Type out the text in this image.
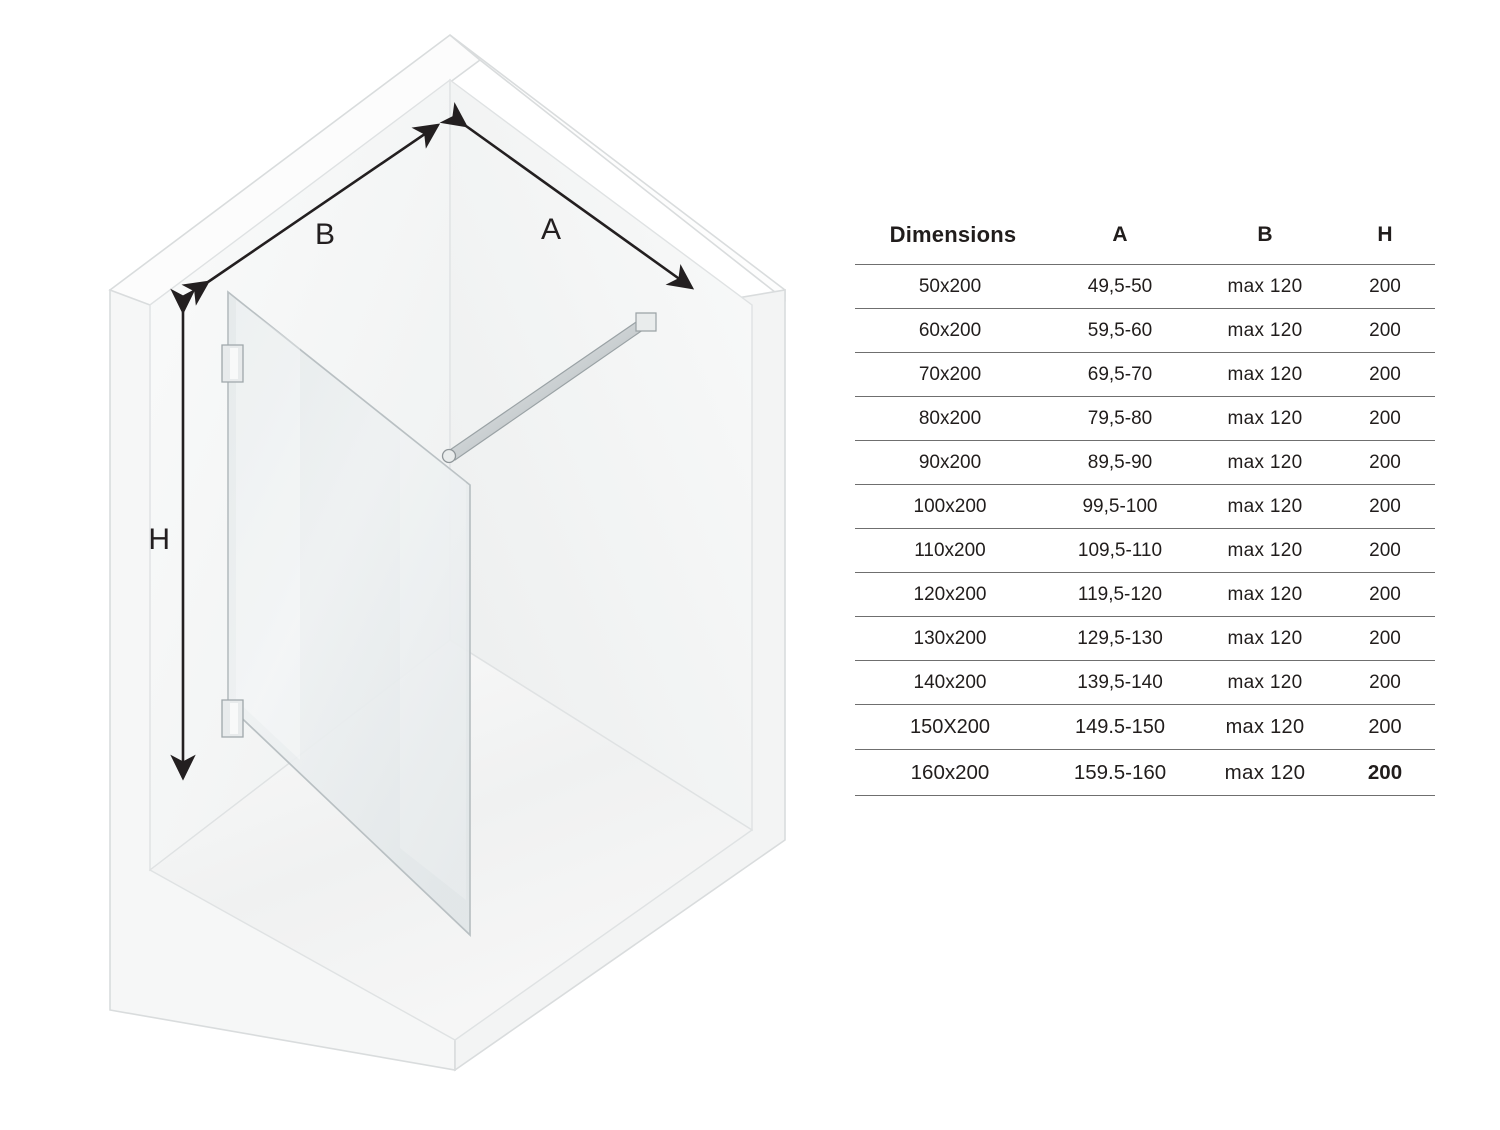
B	A
H
Dimensions	A	B	H
50x200	49,5-50	max 120	200
60x200	59,5-60	max 120	200
70x200	69,5-70	max 120	200
80x200	79,5-80	max 120	200
90x200	89,5-90	max 120	200
100x200	99,5-100	max 120	200
110x200	109,5-110	max 120	200
120x200	119,5-120	max 120	200
130x200	129,5-130	max 120	200
140x200	139,5-140	max 120	200
150X200	149.5-150	max 120	200
160x200	159.5-160	max 120	200
